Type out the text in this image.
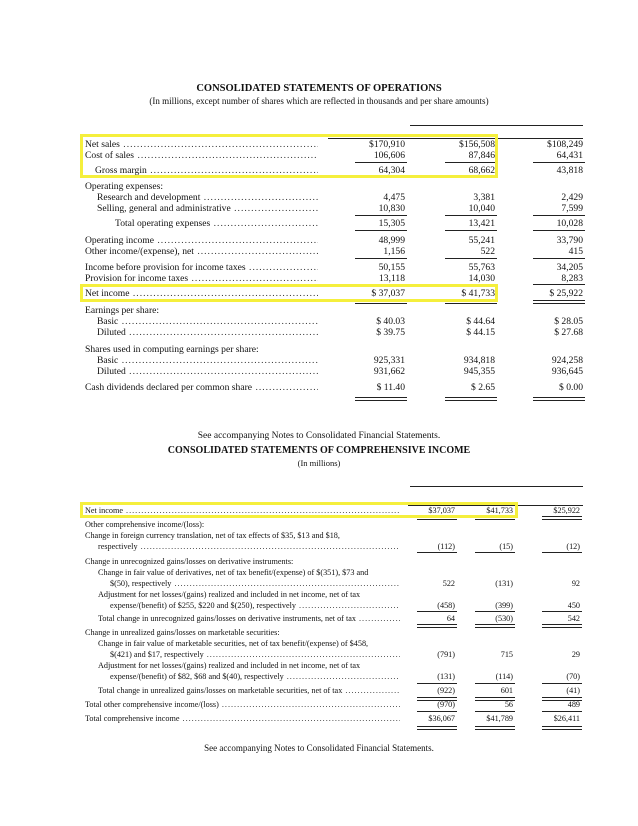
CONSOLIDATED STATEMENTS OF OPERATIONS
(In millions, except number of shares which are reflected in thousands and per share amounts)
Net sales .....	$170,910	$156,508	$108,249
Cost of sales .....	106,606	87,846	64,431
Gross margin .....	64,304	68,662	43,818
Operating expenses:
Research and development .....	4,475	3,381	2,429
Selling, general and administrative .....	10,830	10,040	7,599
Total operating expenses .....	15,305	13,421	10,028
Operating income .....	48,999	55,241	33,790
Other income/(expense), net .....	1,156	522	415
Income before provision for income taxes .....	50,155	55,763	34,205
Provision for income taxes .....	13,118	14,030	8,283
Net income .....	$ 37,037	$ 41,733	$ 25,922
Earnings per share:
Basic .....	$ 40.03	$ 44.64	$ 28.05
Diluted .....	$ 39.75	$ 44.15	$ 27.68
Shares used in computing earnings per share:
Basic .....	925,331	934,818	924,258
Diluted .....	931,662	945,355	936,645
Cash dividends declared per common share .....	$ 11.40	$ 2.65	$ 0.00
See accompanying Notes to Consolidated Financial Statements.
CONSOLIDATED STATEMENTS OF COMPREHENSIVE INCOME
(In millions)
Net income .....	$37,037	$41,733	$25,922
Other comprehensive income/(loss):
Change in foreign currency translation, net of tax effects of $35, $13 and $18,
respectively .....	(112)	(15)	(12)
Change in unrecognized gains/losses on derivative instruments:
Change in fair value of derivatives, net of tax benefit/(expense) of $(351), $73 and
$(50), respectively .....	522	(131)	92
Adjustment for net losses/(gains) realized and included in net income, net of tax
expense/(benefit) of $255, $220 and $(250), respectively .....	(458)	(399)	450
Total change in unrecognized gains/losses on derivative instruments, net of tax .....	64	(530)	542
Change in unrealized gains/losses on marketable securities:
Change in fair value of marketable securities, net of tax benefit/(expense) of $458,
$(421) and $17, respectively .....	(791)	715	29
Adjustment for net losses/(gains) realized and included in net income, net of tax
expense/(benefit) of $82, $68 and $(40), respectively .....	(131)	(114)	(70)
Total change in unrealized gains/losses on marketable securities, net of tax .....	(922)	601	(41)
Total other comprehensive income/(loss) .....	(970)	56	489
Total comprehensive income .....	$36,067	$41,789	$26,411
See accompanying Notes to Consolidated Financial Statements.
